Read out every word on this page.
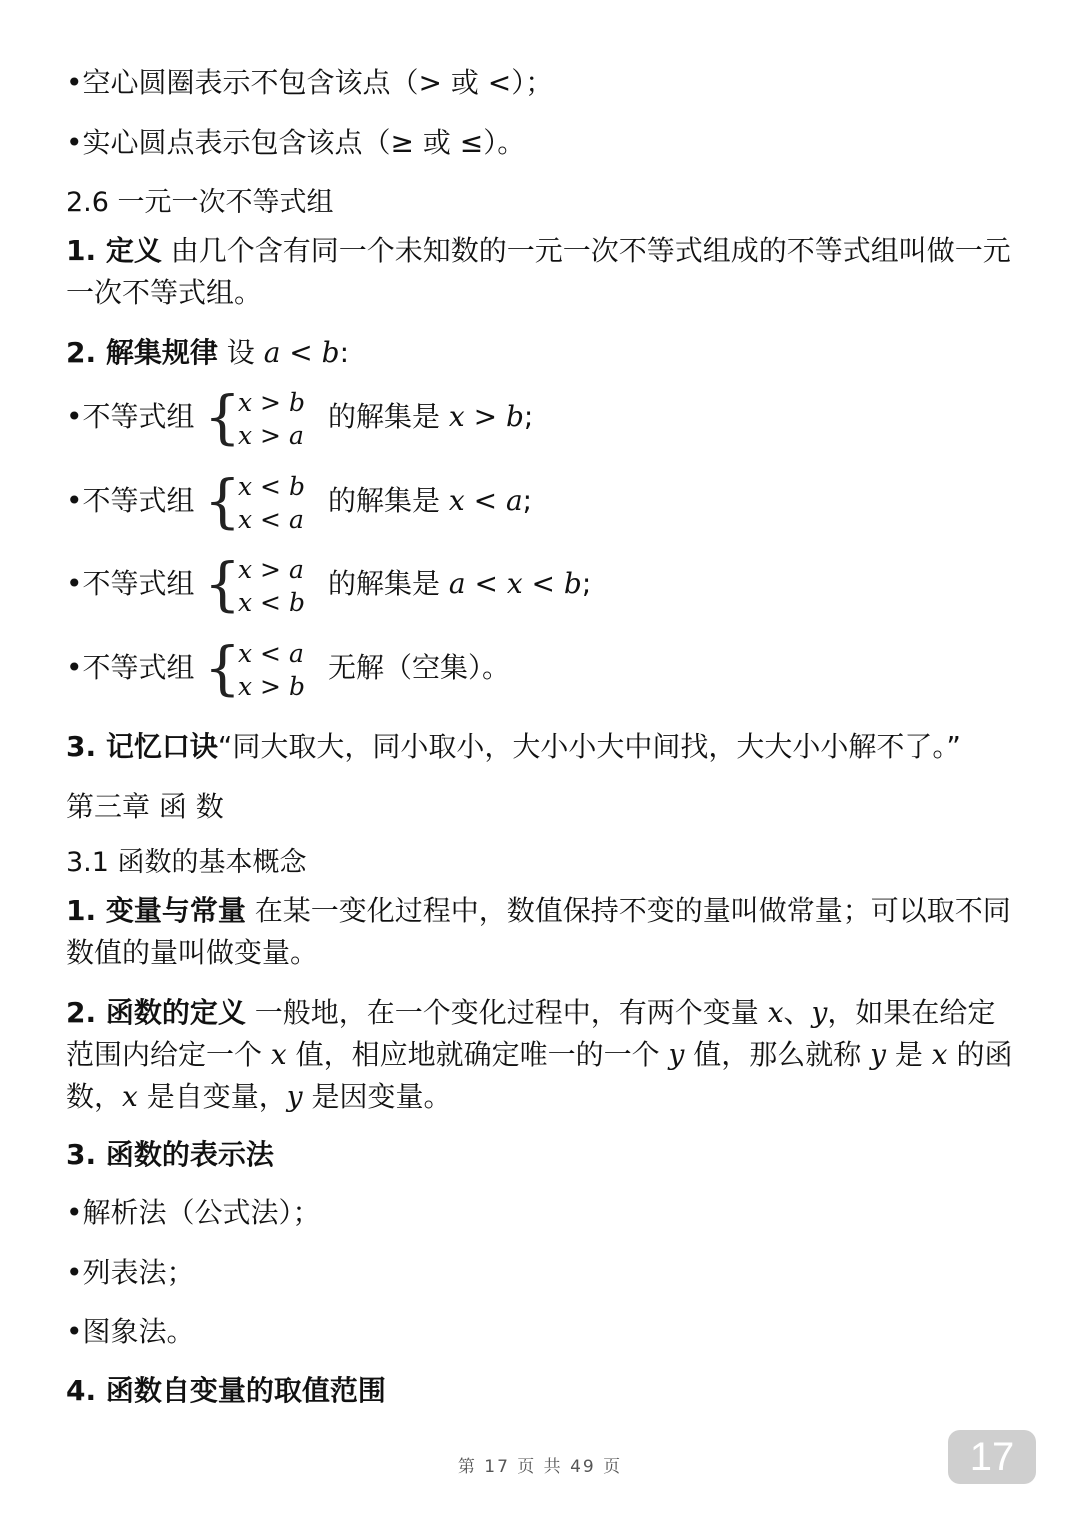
•空心圆圈表示不包含该点（> 或 <）；
•实心圆点表示包含该点（≥ 或 ≤）。
2.6 一元一次不等式组
1. 定义 由几个含有同一个未知数的一元一次不等式组成的不等式组叫做一元一次不等式组。
2. 解集规律 设 a < b:
•不等式组 {
x > b
x > a
的解集是 x > b;
•不等式组 {
x < b
x < a
的解集是 x < a;
•不等式组 {
x > a
x < b
的解集是 a < x < b;
•不等式组 {
x < a
x > b
无解（空集）。
3. 记忆口诀“同大取大，同小取小，大小小大中间找，大大小小解不了。”
第三章 函 数
3.1 函数的基本概念
1. 变量与常量 在某一变化过程中，数值保持不变的量叫做常量；可以取不同数值的量叫做变量。
2. 函数的定义 一般地，在一个变化过程中，有两个变量 x、y，如果在给定范围内给定一个 x 值，相应地就确定唯一的一个 y 值，那么就称 y 是 x 的函数，x 是自变量，y 是因变量。
3. 函数的表示法
•解析法（公式法）；
•列表法；
•图象法。
4. 函数自变量的取值范围
第 17 页 共 49 页	17
